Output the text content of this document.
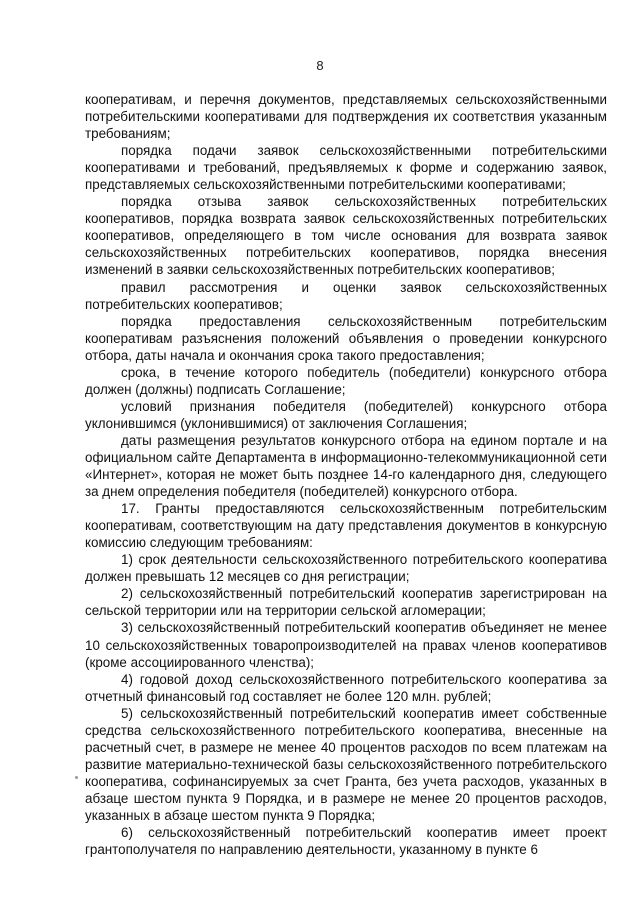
8

кооперативам, и перечня документов, представляемых сельскохозяйственными потребительскими кооперативами для подтверждения их соответствия указанным требованиям;

порядка подачи заявок сельскохозяйственными потребительскими кооперативами и требований, предъявляемых к форме и содержанию заявок, представляемых сельскохозяйственными потребительскими кооперативами;

порядка отзыва заявок сельскохозяйственных потребительских кооперативов, порядка возврата заявок сельскохозяйственных потребительских кооперативов, определяющего в том числе основания для возврата заявок сельскохозяйственных потребительских кооперативов, порядка внесения изменений в заявки сельскохозяйственных потребительских кооперативов;

правил рассмотрения и оценки заявок сельскохозяйственных потребительских кооперативов;

порядка предоставления сельскохозяйственным потребительским кооперативам разъяснения положений объявления о проведении конкурсного отбора, даты начала и окончания срока такого предоставления;

срока, в течение которого победитель (победители) конкурсного отбора должен (должны) подписать Соглашение;

условий признания победителя (победителей) конкурсного отбора уклонившимся (уклонившимися) от заключения Соглашения;

даты размещения результатов конкурсного отбора на едином портале и на официальном сайте Департамента в информационно-телекоммуникационной сети «Интернет», которая не может быть позднее 14-го календарного дня, следующего за днем определения победителя (победителей) конкурсного отбора.

17. Гранты предоставляются сельскохозяйственным потребительским кооперативам, соответствующим на дату представления документов в конкурсную комиссию следующим требованиям:

1) срок деятельности сельскохозяйственного потребительского кооператива должен превышать 12 месяцев со дня регистрации;

2) сельскохозяйственный потребительский кооператив зарегистрирован на сельской территории или на территории сельской агломерации;

3) сельскохозяйственный потребительский кооператив объединяет не менее 10 сельскохозяйственных товаропроизводителей на правах членов кооперативов (кроме ассоциированного членства);

4) годовой доход сельскохозяйственного потребительского кооператива за отчетный финансовый год составляет не более 120 млн. рублей;

5) сельскохозяйственный потребительский кооператив имеет собственные средства сельскохозяйственного потребительского кооператива, внесенные на расчетный счет, в размере не менее 40 процентов расходов по всем платежам на развитие материально-технической базы сельскохозяйственного потребительского кооператива, софинансируемых за счет Гранта, без учета расходов, указанных в абзаце шестом пункта 9 Порядка, и в размере не менее 20 процентов расходов, указанных в абзаце шестом пункта 9 Порядка;

6) сельскохозяйственный потребительский кооператив имеет проект грантополучателя по направлению деятельности, указанному в пункте 6
